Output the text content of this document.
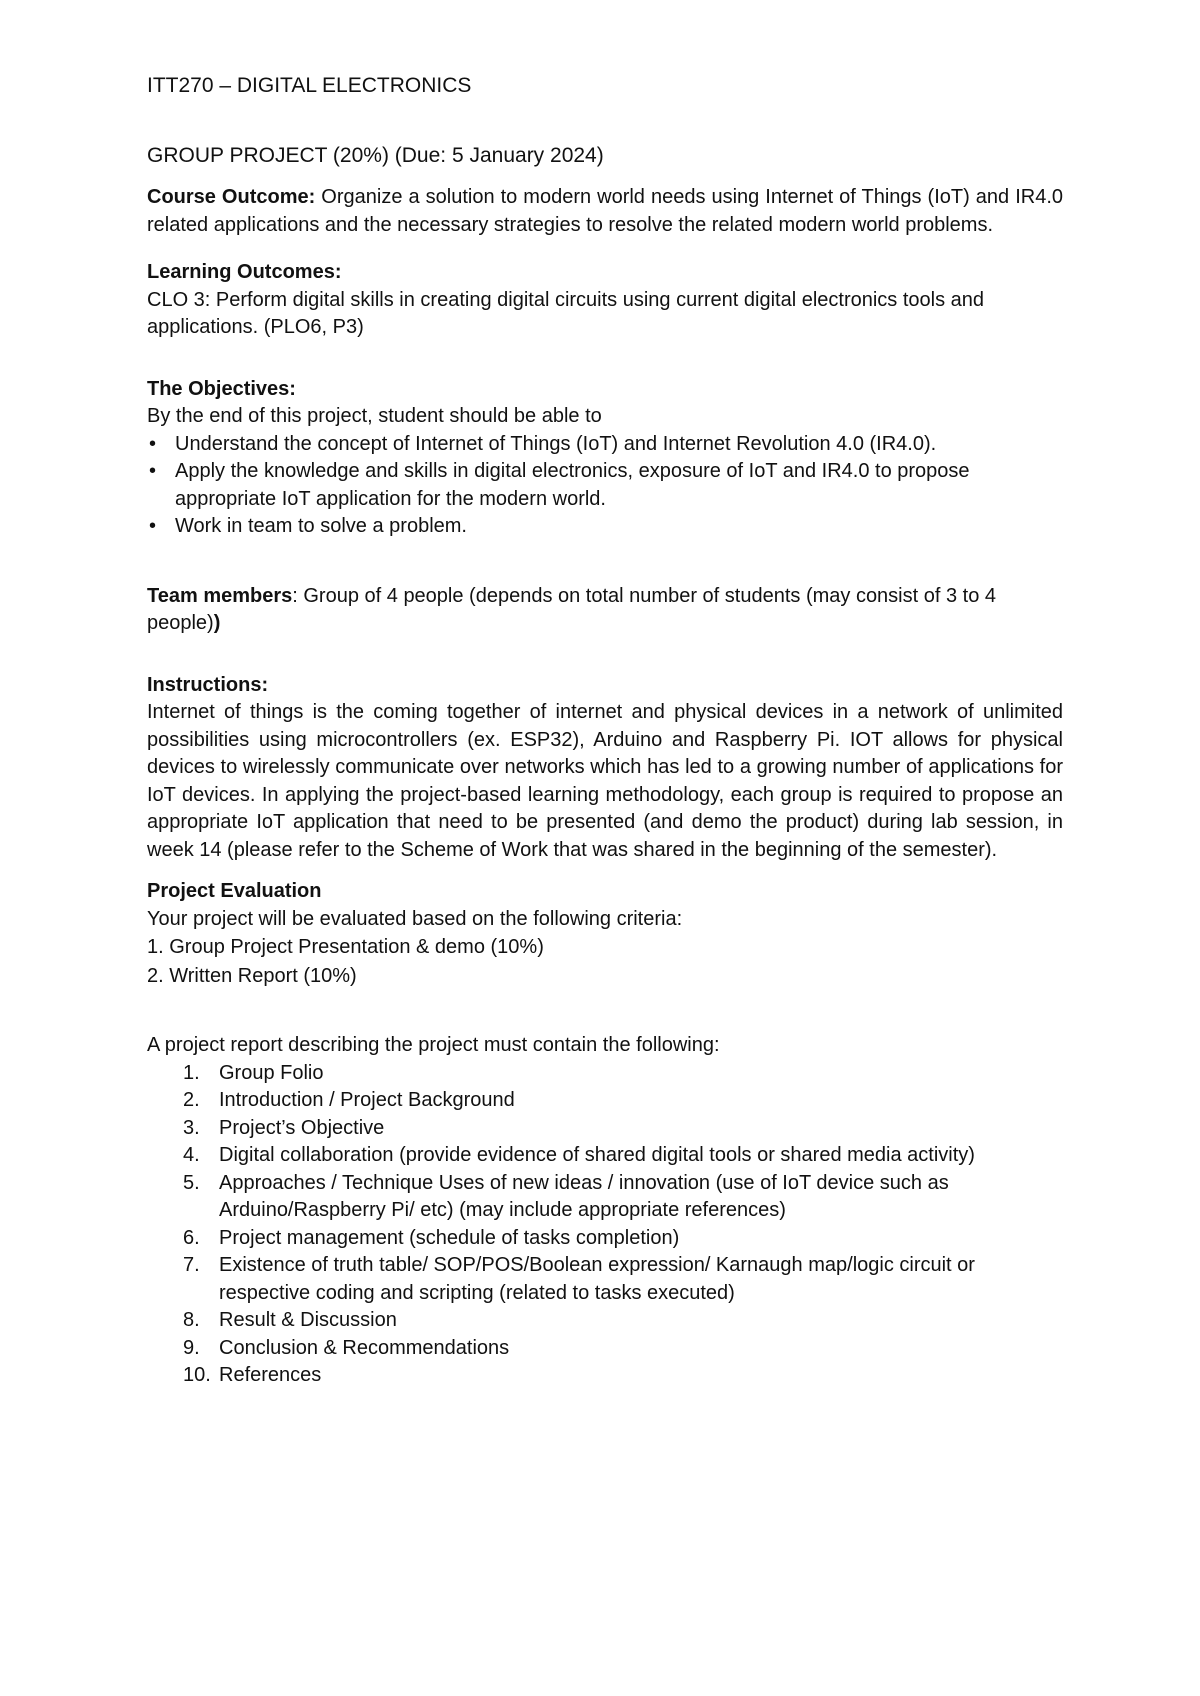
ITT270 – DIGITAL ELECTRONICS
GROUP PROJECT (20%) (Due: 5 January 2024)

Course Outcome: Organize a solution to modern world needs using Internet of Things (IoT) and IR4.0 related applications and the necessary strategies to resolve the related modern world problems.

Learning Outcomes:

CLO 3: Perform digital skills in creating digital circuits using current digital electronics tools and applications. (PLO6, P3)

The Objectives:

By the end of this project, student should be able to

• Understand the concept of Internet of Things (IoT) and Internet Revolution 4.0 (IR4.0).
• Apply the knowledge and skills in digital electronics, exposure of IoT and IR4.0 to propose appropriate IoT application for the modern world.
• Work in team to solve a problem.

Team members: Group of 4 people (depends on total number of students (may consist of 3 to 4 people))

Instructions:

Internet of things is the coming together of internet and physical devices in a network of unlimited possibilities using microcontrollers (ex. ESP32), Arduino and Raspberry Pi. IOT allows for physical devices to wirelessly communicate over networks which has led to a growing number of applications for IoT devices. In applying the project-based learning methodology, each group is required to propose an appropriate IoT application that need to be presented (and demo the product) during lab session, in week 14 (please refer to the Scheme of Work that was shared in the beginning of the semester).

Project Evaluation

Your project will be evaluated based on the following criteria:

1. Group Project Presentation & demo (10%)
2. Written Report (10%)

A project report describing the project must contain the following:

1. Group Folio
2. Introduction / Project Background
3. Project’s Objective
4. Digital collaboration (provide evidence of shared digital tools or shared media activity)
5. Approaches / Technique Uses of new ideas / innovation (use of IoT device such as Arduino/Raspberry Pi/ etc) (may include appropriate references)
6. Project management (schedule of tasks completion)
7. Existence of truth table/ SOP/POS/Boolean expression/ Karnaugh map/logic circuit or respective coding and scripting (related to tasks executed)
8. Result & Discussion
9. Conclusion & Recommendations
10. References
